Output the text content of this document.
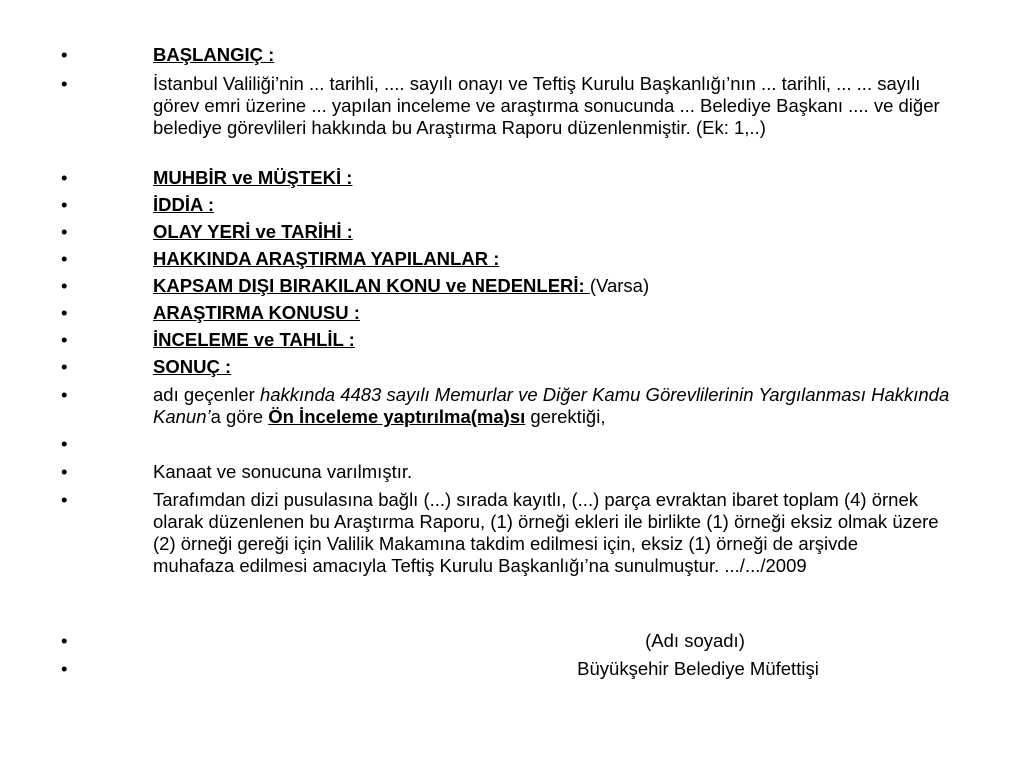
•	BAŞLANGIÇ :
•	İstanbul Valiliği’nin ... tarihli, .... sayılı onayı ve Teftiş Kurulu Başkanlığı’nın ... tarihli, ... ... sayılı görev emri üzerine ... yapılan inceleme ve araştırma sonucunda ... Belediye Başkanı .... ve diğer belediye görevlileri hakkında bu Araştırma Raporu düzenlenmiştir. (Ek: 1,..)
•	MUHBİR ve MÜŞTEKİ :
•	İDDİA :
•	OLAY YERİ ve TARİHİ :
•	HAKKINDA ARAŞTIRMA YAPILANLAR :
•	KAPSAM DIŞI BIRAKILAN KONU ve NEDENLERİ: (Varsa)
•	ARAŞTIRMA KONUSU :
•	İNCELEME ve TAHLİL :
•	SONUÇ :
•	adı geçenler hakkında 4483 sayılı Memurlar ve Diğer Kamu Görevlilerinin Yargılanması Hakkında Kanun’a göre Ön İnceleme yaptırılma(ma)sı gerektiği,
•
•	Kanaat ve sonucuna varılmıştır.
•	Tarafımdan dizi pusulasına bağlı (...) sırada kayıtlı, (...) parça evraktan ibaret toplam (4) örnek olarak düzenlenen bu Araştırma Raporu, (1) örneği ekleri ile birlikte (1) örneği eksiz olmak üzere (2) örneği gereği için Valilik Makamına takdim edilmesi için, eksiz (1) örneği de arşivde muhafaza edilmesi amacıyla Teftiş Kurulu Başkanlığı’na sunulmuştur. .../.../2009
•	(Adı soyadı)
•	Büyükşehir Belediye Müfettişi
